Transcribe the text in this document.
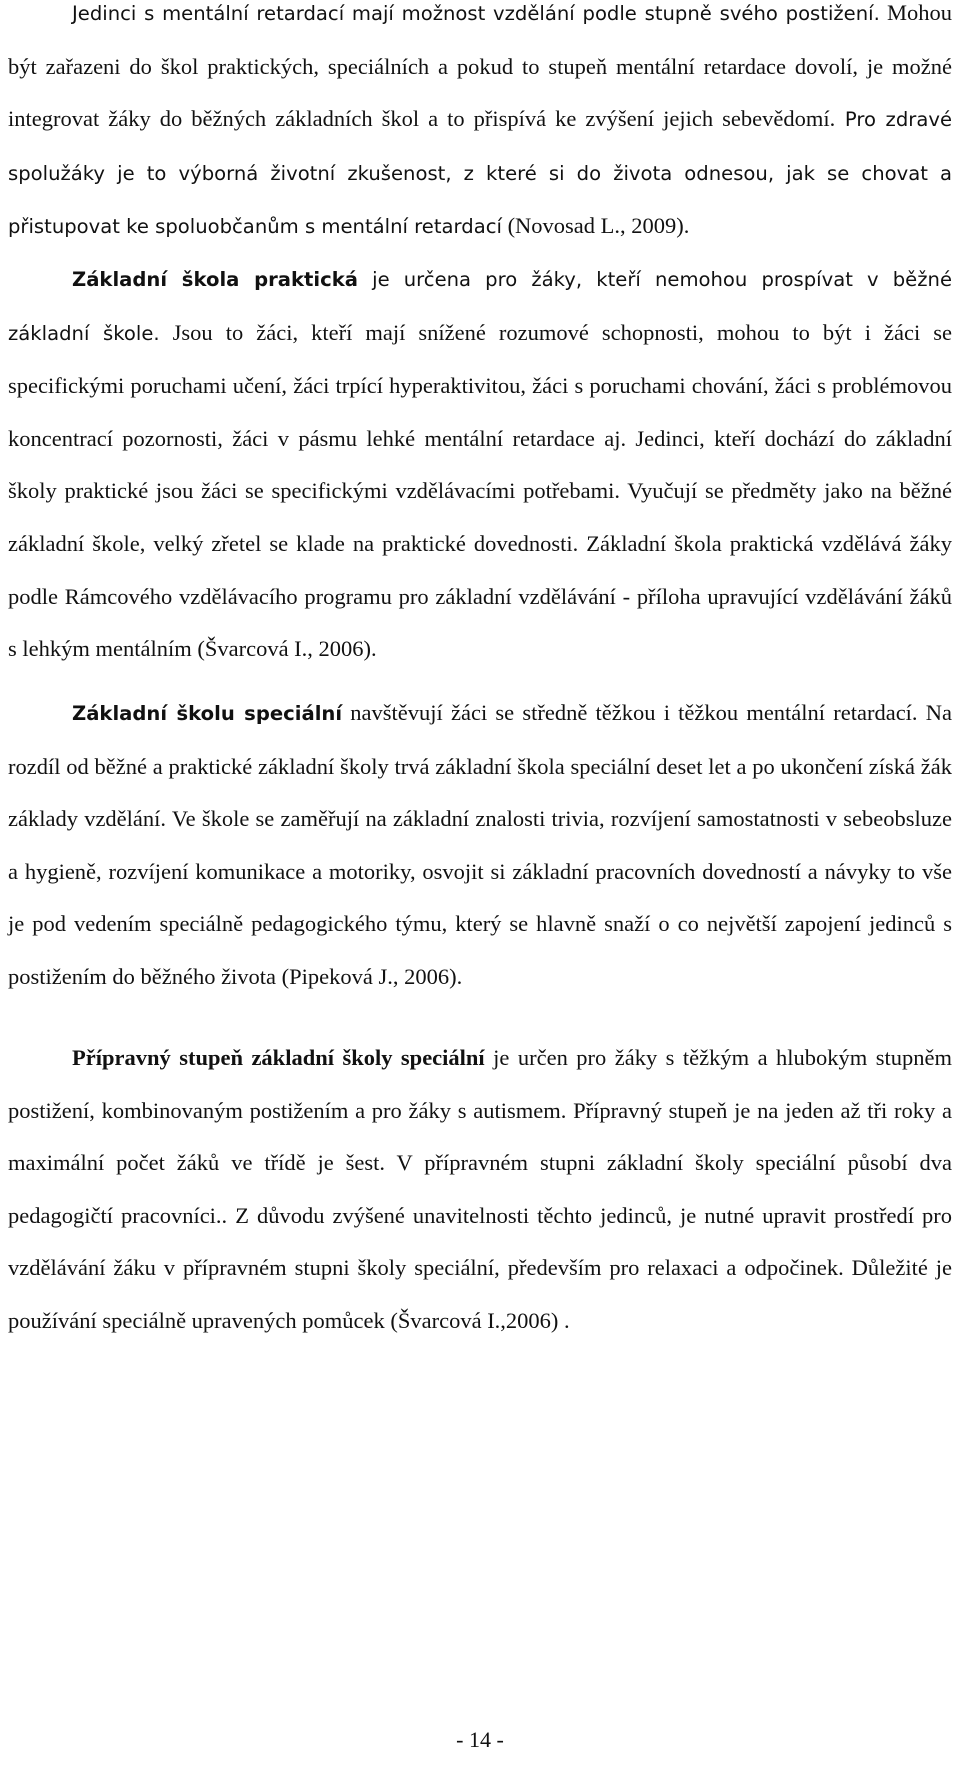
Jedinci s mentální retardací mají možnost vzdělání podle stupně svého postižení. Mohou být zařazeni do škol praktických, speciálních a pokud to stupeň mentální retardace dovolí, je možné integrovat žáky do běžných základních škol a to přispívá ke zvýšení jejich sebevědomí. Pro zdravé spolužáky je to výborná životní zkušenost, z které si do života odnesou, jak se chovat a přistupovat ke spoluobčanům s mentální retardací (Novosad L., 2009).

Základní škola praktická je určena pro žáky, kteří nemohou prospívat v běžné základní škole. Jsou to žáci, kteří mají snížené rozumové schopnosti, mohou to být i žáci se specifickými poruchami učení, žáci trpící hyperaktivitou, žáci s poruchami chování, žáci s problémovou koncentrací pozornosti, žáci v pásmu lehké mentální retardace aj. Jedinci, kteří dochází do základní školy praktické jsou žáci se specifickými vzdělávacími potřebami. Vyučují se předměty jako na běžné základní škole, velký zřetel se klade na praktické dovednosti. Základní škola praktická vzdělává žáky podle Rámcového vzdělávacího programu pro základní vzdělávání - příloha upravující vzdělávání žáků s lehkým mentálním (Švarcová I., 2006).

Základní školu speciální navštěvují žáci se středně těžkou i těžkou mentální retardací. Na rozdíl od běžné a praktické základní školy trvá základní škola speciální deset let a po ukončení získá žák základy vzdělání. Ve škole se zaměřují na základní znalosti trivia, rozvíjení samostatnosti v sebeobsluze a hygieně, rozvíjení komunikace a motoriky, osvojit si základní pracovních dovedností a návyky to vše je pod vedením speciálně pedagogického týmu, který se hlavně snaží o co největší zapojení jedinců s postižením do běžného života (Pipeková J., 2006).

Přípravný stupeň základní školy speciální je určen pro žáky s těžkým a hlubokým stupněm postižení, kombinovaným postižením a pro žáky s autismem. Přípravný stupeň je na jeden až tři roky a maximální počet žáků ve třídě je šest. V přípravném stupni základní školy speciální působí dva pedagogičtí pracovníci.. Z důvodu zvýšené unavitelnosti těchto jedinců, je nutné upravit prostředí pro vzdělávání žáku v přípravném stupni školy speciální, především pro relaxaci a odpočinek. Důležité je používání speciálně upravených pomůcek (Švarcová I.,2006) .

- 14 -
